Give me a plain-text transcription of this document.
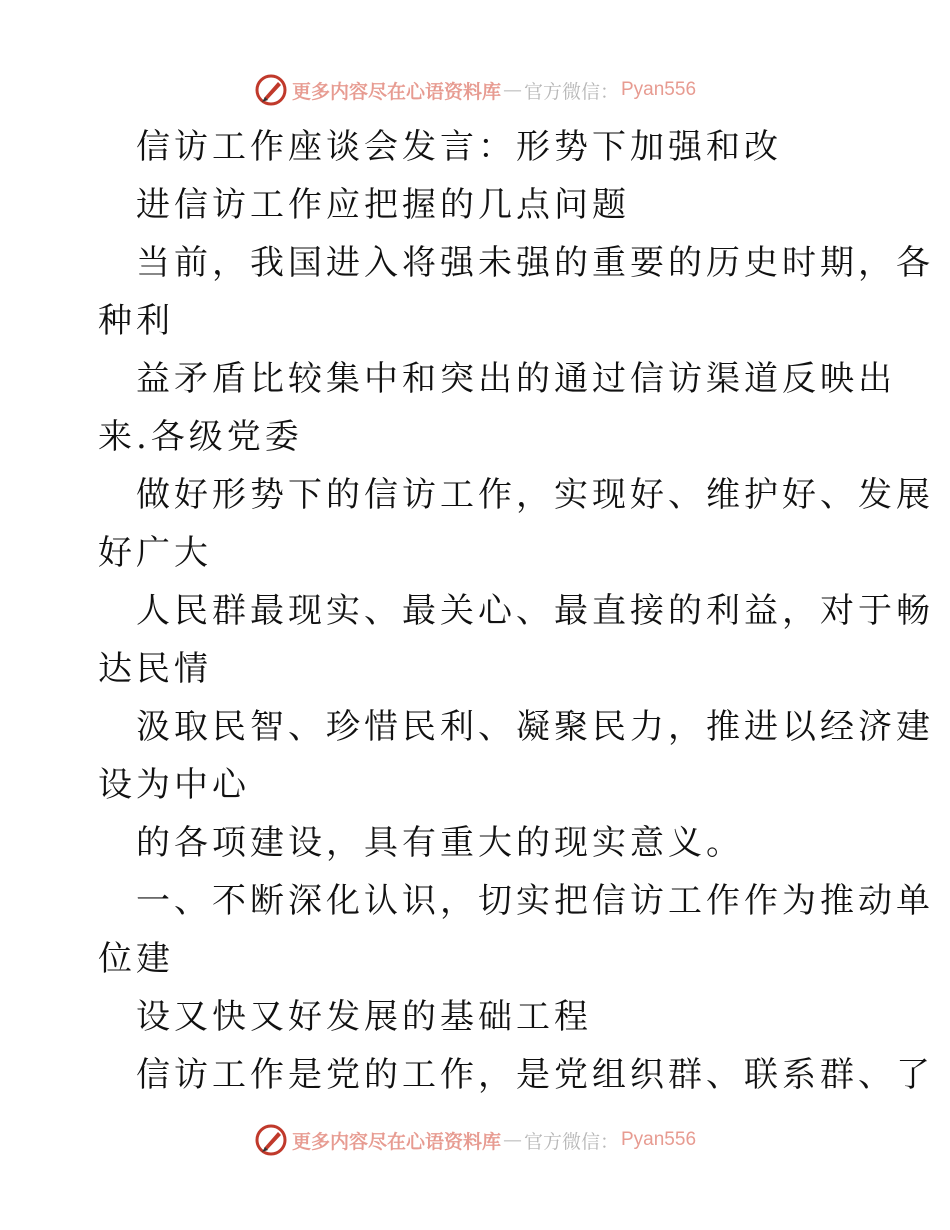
更多内容尽在心语资料库 — 官方微信： Pyan556
信访工作座谈会发言：形势下加强和改
进信访工作应把握的几点问题
当前，我国进入将强未强的重要的历史时期，各
种利
益矛盾比较集中和突出的通过信访渠道反映出
来.各级党委
做好形势下的信访工作，实现好、维护好、发展
好广大
人民群最现实、最关心、最直接的利益，对于畅
达民情
汲取民智、珍惜民利、凝聚民力，推进以经济建
设为中心
的各项建设，具有重大的现实意义。
一、不断深化认识，切实把信访工作作为推动单
位建
设又快又好发展的基础工程
信访工作是党的工作，是党组织群、联系群、了
更多内容尽在心语资料库 — 官方微信： Pyan556
